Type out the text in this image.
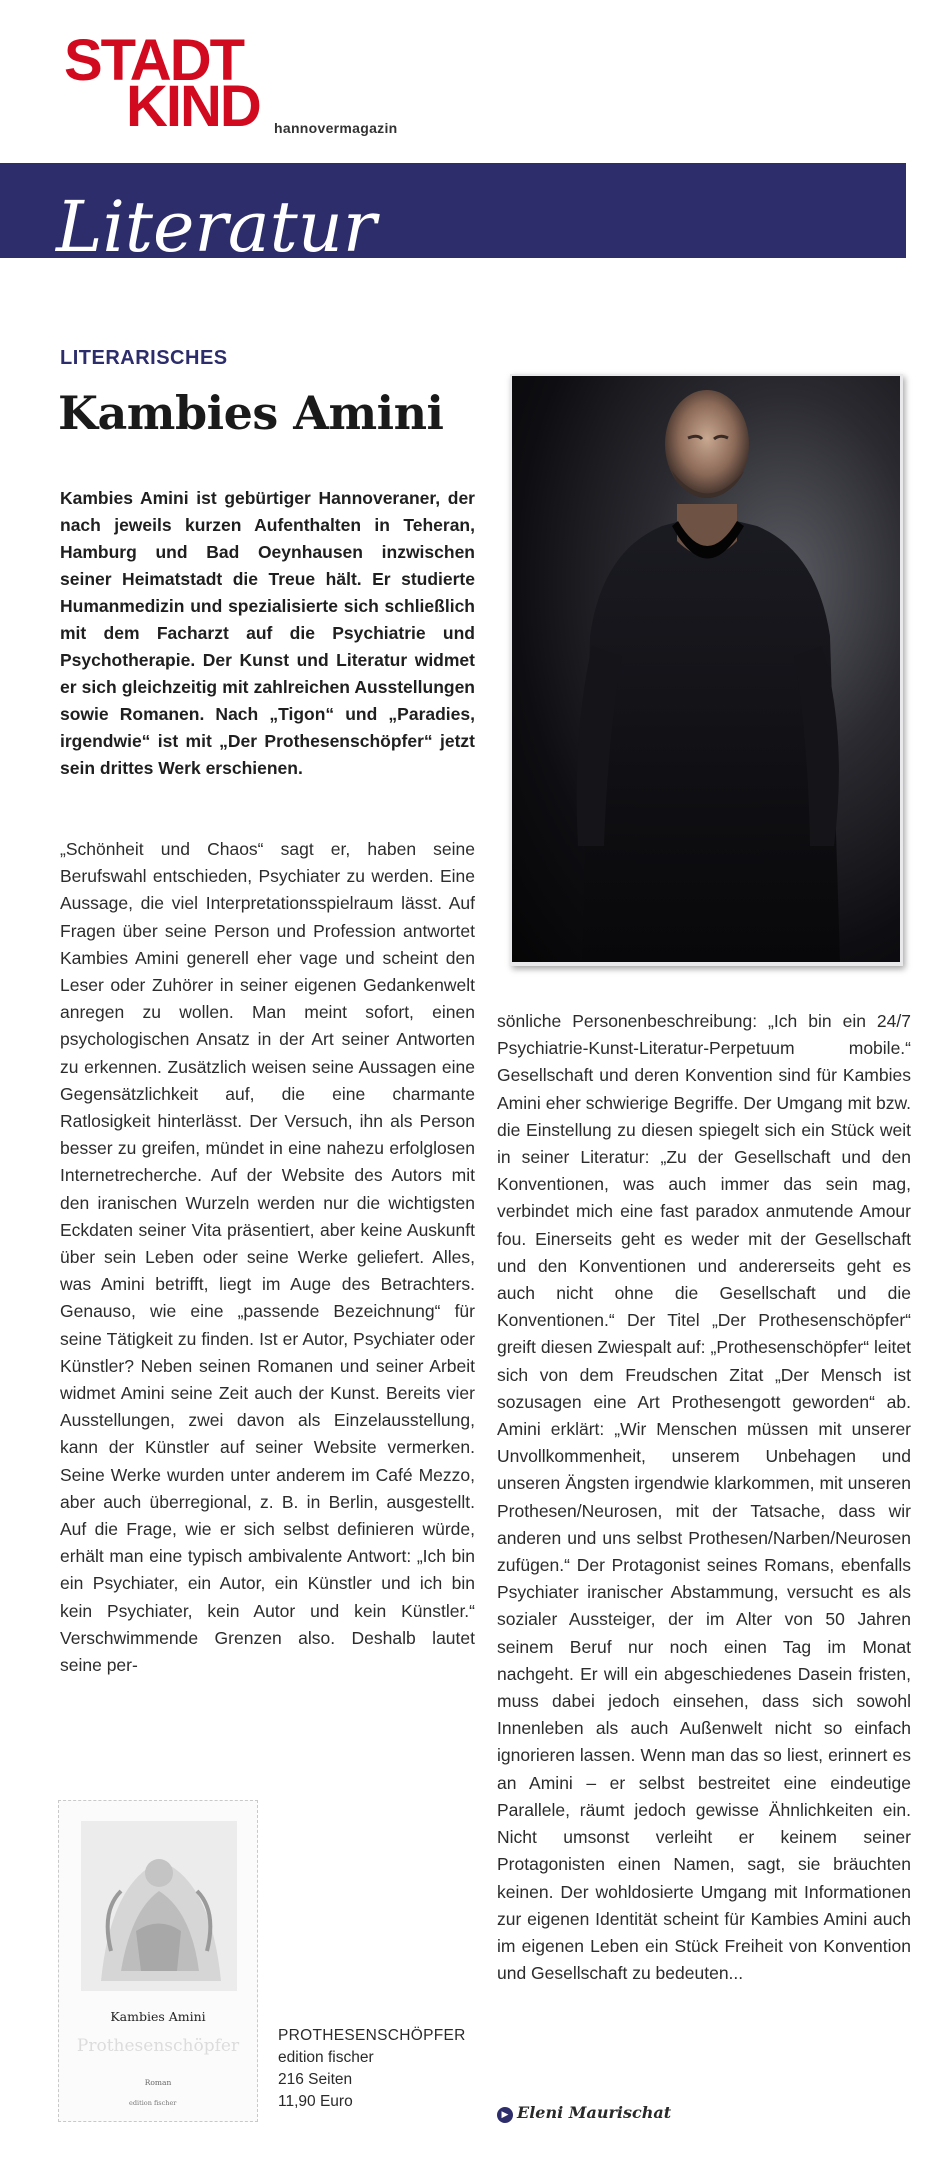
STADT
KIND hannovermagazin
Literatur
LITERARISCHES
Kambies Amini

Kambies Amini ist gebürtiger Hannoveraner, der nach jeweils kurzen Aufenthalten in Teheran, Hamburg und Bad Oeynhausen inzwischen seiner Heimatstadt die Treue hält. Er studierte Humanmedizin und spezialisierte sich schließlich mit dem Facharzt auf die Psychiatrie und Psychotherapie. Der Kunst und Literatur widmet er sich gleichzeitig mit zahlreichen Ausstellungen sowie Romanen. Nach „Tigon“ und „Paradies, irgendwie“ ist mit „Der Prothesenschöpfer“ jetzt sein drittes Werk erschienen.

„Schönheit und Chaos“ sagt er, haben seine Berufswahl entschieden, Psychiater zu werden. Eine Aussage, die viel Interpretationsspielraum lässt. Auf Fragen über seine Person und Profession antwortet Kambies Amini generell eher vage und scheint den Leser oder Zuhörer in seiner eigenen Gedankenwelt anregen zu wollen. Man meint sofort, einen psychologischen Ansatz in der Art seiner Antworten zu erkennen. Zusätzlich weisen seine Aussagen eine Gegensätzlichkeit auf, die eine charmante Ratlosigkeit hinterlässt. Der Versuch, ihn als Person besser zu greifen, mündet in eine nahezu erfolglosen Internetrecherche. Auf der Website des Autors mit den iranischen Wurzeln werden nur die wichtigsten Eckdaten seiner Vita präsentiert, aber keine Auskunft über sein Leben oder seine Werke geliefert. Alles, was Amini betrifft, liegt im Auge des Betrachters. Genauso, wie eine „passende Bezeichnung“ für seine Tätigkeit zu finden. Ist er Autor, Psychiater oder Künstler? Neben seinen Romanen und seiner Arbeit widmet Amini seine Zeit auch der Kunst. Bereits vier Ausstellungen, zwei davon als Einzelausstellung, kann der Künstler auf seiner Website vermerken. Seine Werke wurden unter anderem im Café Mezzo, aber auch überregional, z. B. in Berlin, ausgestellt. Auf die Frage, wie er sich selbst definieren würde, erhält man eine typisch ambivalente Antwort: „Ich bin ein Psychiater, ein Autor, ein Künstler und ich bin kein Psychiater, kein Autor und kein Künstler.“ Verschwimmende Grenzen also. Deshalb lautet seine per-
sönliche Personenbeschreibung: „Ich bin ein 24/7 Psychiatrie-Kunst-Literatur-Perpetuum mobile.“ Gesellschaft und deren Konvention sind für Kambies Amini eher schwierige Begriffe. Der Umgang mit bzw. die Einstellung zu diesen spiegelt sich ein Stück weit in seiner Literatur: „Zu der Gesellschaft und den Konventionen, was auch immer das sein mag, verbindet mich eine fast paradox anmutende Amour fou. Einerseits geht es weder mit der Gesellschaft und den Konventionen und andererseits geht es auch nicht ohne die Gesellschaft und die Konventionen.“ Der Titel „Der Prothesenschöpfer“ greift diesen Zwiespalt auf: „Prothesenschöpfer“ leitet sich von dem Freudschen Zitat „Der Mensch ist sozusagen eine Art Prothesengott geworden“ ab. Amini erklärt: „Wir Menschen müssen mit unserer Unvollkommenheit, unserem Unbehagen und unseren Ängsten irgendwie klarkommen, mit unseren Prothesen/Neurosen, mit der Tatsache, dass wir anderen und uns selbst Prothesen/Narben/Neurosen zufügen.“ Der Protagonist seines Romans, ebenfalls Psychiater iranischer Abstammung, versucht es als sozialer Aussteiger, der im Alter von 50 Jahren seinem Beruf nur noch einen Tag im Monat nachgeht. Er will ein abgeschiedenes Dasein fristen, muss dabei jedoch einsehen, dass sich sowohl Innenleben als auch Außenwelt nicht so einfach ignorieren lassen. Wenn man das so liest, erinnert es an Amini – er selbst bestreitet eine eindeutige Parallele, räumt jedoch gewisse Ähnlichkeiten ein. Nicht umsonst verleiht er keinem seiner Protagonisten einen Namen, sagt, sie bräuchten keinen. Der wohldosierte Umgang mit Informationen zur eigenen Identität scheint für Kambies Amini auch im eigenen Leben ein Stück Freiheit von Konvention und Gesellschaft zu bedeuten...
▶ Eleni Maurischat
Kambies Amini
Prothesenschöpfer
Roman
edition fischer
PROTHESENSCHÖPFER
edition fischer
216 Seiten
11,90 Euro
